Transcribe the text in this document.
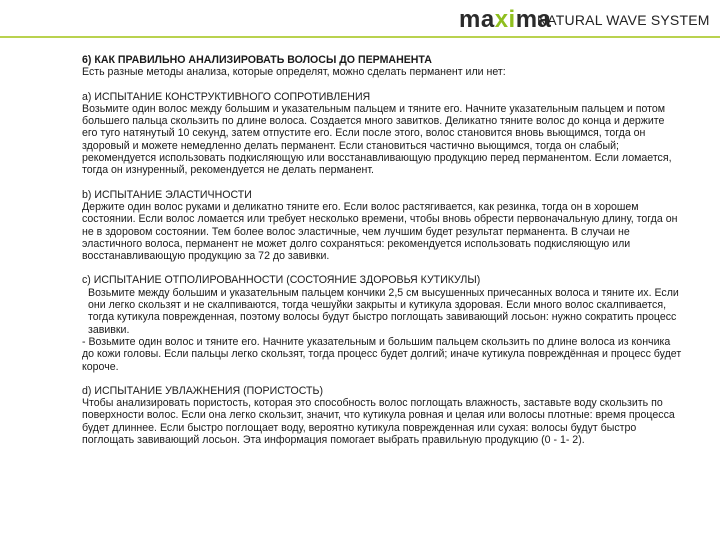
maxima
NATURAL WAVE SYSTEM

6) КАК ПРАВИЛЬНО АНАЛИЗИРОВАТЬ ВОЛОСЫ ДО ПЕРМАНЕНТА

Есть разные методы анализа, которые определят, можно сделать перманент или нет:

a) ИСПЫТАНИЕ КОНСТРУКТИВНОГО СОПРОТИВЛЕНИЯ

Возьмите один волос между большим и указательным пальцем и тяните его. Начните указательным пальцем и потом большего пальца скользить по длине волоса. Создается много завитков. Деликатно тяните волос до конца и держите его туго натянутый 10 секунд, затем отпустите его. Если после этого, волос становится вновь вьющимся, тогда он здоровый и можете немедленно делать перманент. Если становиться частично вьющимся, тогда он слабый; рекомендуется использовать подкисляющую или восстанавливающую продукцию перед перманентом. Если ломается, тогда он изнуренный, рекомендуется не делать перманент.

b) ИСПЫТАНИЕ ЭЛАСТИЧНОСТИ

Держите один волос руками и деликатно тяните его. Если волос растягивается, как резинка, тогда он в хорошем состоянии. Если волос ломается или требует несколько времени, чтобы вновь обрести первоначальную длину, тогда он не в здоровом состоянии. Тем более волос эластичные, чем лучшим будет результат перманента. В случаи не эластичного волоса, перманент не может долго сохраняться: рекомендуется использовать подкисляющую или восстанавливающую продукцию за 72 до завивки.

c) ИСПЫТАНИЕ ОТПОЛИРОВАННОСТИ (СОСТОЯНИЕ ЗДОРОВЬЯ КУТИКУЛЫ)

Возьмите между большим и указательным пальцем кончики 2,5 см высушенных причесанных волоса и тяните их. Если они легко скользят и не скалпиваются, тогда чешуйки закрыты и кутикула здоровая. Если много волос скалпивается, тогда кутикула поврежденная, поэтому волосы будут быстро поглощать завивающий лосьон: нужно сократить процесс завивки.

- Возьмите один волос и тяните его. Начните указательным и большим пальцем скользить по длине волоса из кончика до кожи головы. Если пальцы легко скользят, тогда процесс будет долгий; иначе кутикула повреждённая и процесс будет короче.

d) ИСПЫТАНИЕ УВЛАЖНЕНИЯ (ПОРИСТОСТЬ)

Чтобы анализировать пористость, которая это способность волос поглощать влажность, заставьте воду скользить по поверхности волос. Если она легко скользит, значит, что кутикула ровная и целая или волосы плотные: время процесса будет длиннее. Если быстро поглощает воду, вероятно кутикула поврежденная или сухая: волосы будут быстро поглощать завивающий лосьон. Эта информация помогает выбрать правильную продукцию (0 - 1- 2).
